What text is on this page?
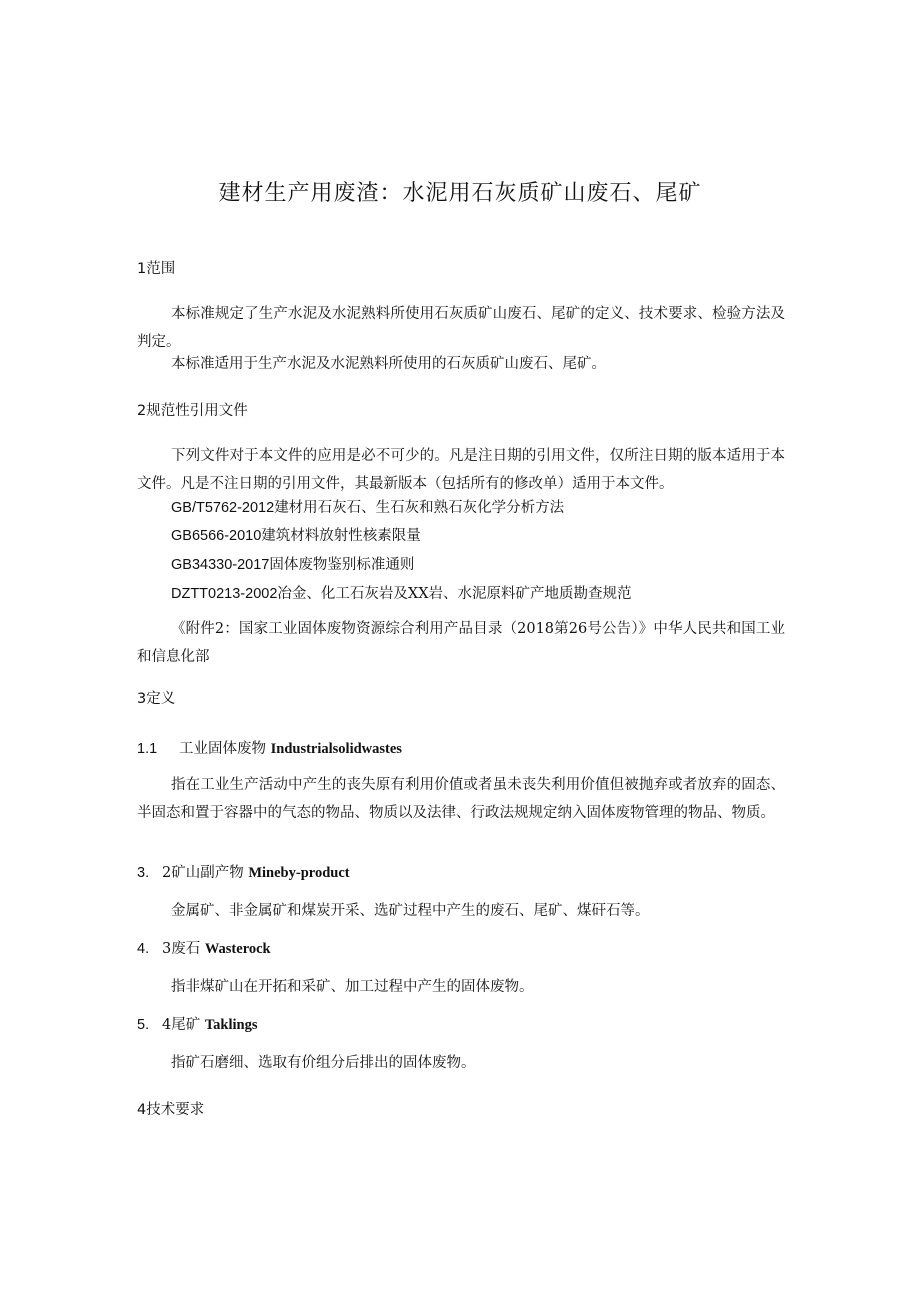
建材生产用废渣：水泥用石灰质矿山废石、尾矿
1范围
本标准规定了生产水泥及水泥熟料所使用石灰质矿山废石、尾矿的定义、技术要求、检验方法及判定。
本标准适用于生产水泥及水泥熟料所使用的石灰质矿山废石、尾矿。
2规范性引用文件
下列文件对于本文件的应用是必不可少的。凡是注日期的引用文件，仅所注日期的版本适用于本文件。凡是不注日期的引用文件，其最新版本（包括所有的修改单）适用于本文件。
GB/T5762-2012建材用石灰石、生石灰和熟石灰化学分析方法
GB6566-2010建筑材料放射性核素限量
GB34330-2017固体废物鉴别标准通则
DZTT0213-2002冶金、化工石灰岩及XX岩、水泥原料矿产地质勘查规范
《附件2：国家工业固体废物资源综合利用产品目录（2018第26号公告）》中华人民共和国工业和信息化部
3定义
1.1 工业固体废物 Industrialsolidwastes
指在工业生产活动中产生的丧失原有利用价值或者虽未丧失利用价值但被抛弃或者放弃的固态、半固态和置于容器中的气态的物品、物质以及法律、行政法规规定纳入固体废物管理的物品、物质。
3. 2矿山副产物 Mineby-product
金属矿、非金属矿和煤炭开采、选矿过程中产生的废石、尾矿、煤矸石等。
4. 3废石 Wasterock
指非煤矿山在开拓和采矿、加工过程中产生的固体废物。
5. 4尾矿 Taklings
指矿石磨细、选取有价组分后排出的固体废物。
4技术要求
